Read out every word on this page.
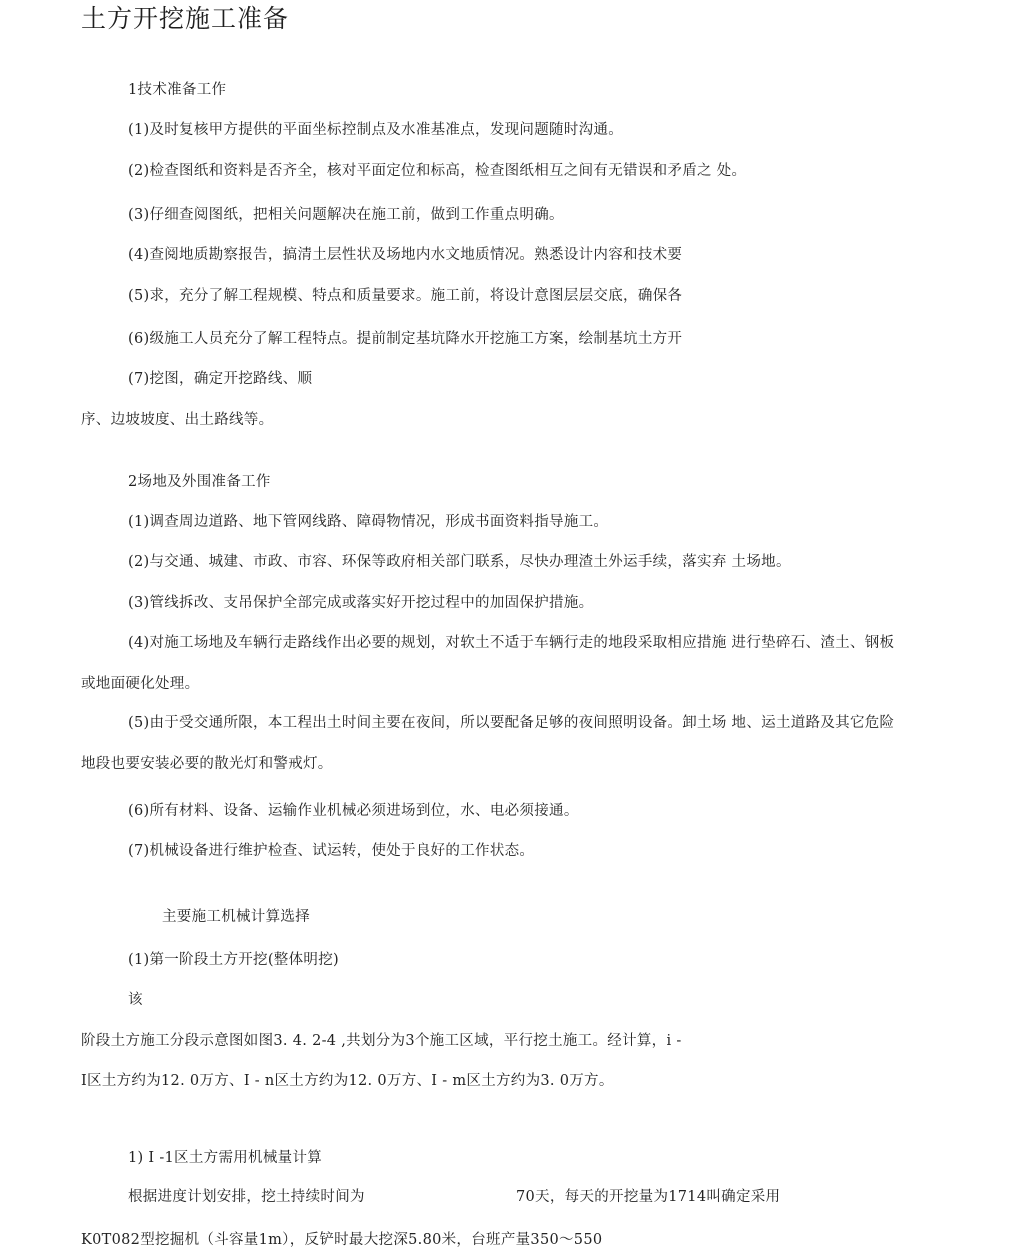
土方开挖施工准备
1技术准备工作
(1)及时复核甲方提供的平面坐标控制点及水准基准点，发现问题随时沟通。
(2)检查图纸和资料是否齐全，核对平面定位和标高，检查图纸相互之间有无错误和矛盾之 处。
(3)仔细查阅图纸，把相关问题解决在施工前，做到工作重点明确。
(4)查阅地质勘察报告，搞清土层性状及场地内水文地质情况。熟悉设计内容和技术要
(5)求，充分了解工程规模、特点和质量要求。施工前，将设计意图层层交底，确保各
(6)级施工人员充分了解工程特点。提前制定基坑降水开挖施工方案，绘制基坑土方开
(7)挖图，确定开挖路线、顺
序、边坡坡度、出土路线等。
2场地及外围准备工作
(1)调查周边道路、地下管网线路、障碍物情况，形成书面资料指导施工。
(2)与交通、城建、市政、市容、环保等政府相关部门联系，尽快办理渣土外运手续，落实弃 土场地。
(3)管线拆改、支吊保护全部完成或落实好开挖过程中的加固保护措施。
(4)对施工场地及车辆行走路线作出必要的规划，对软土不适于车辆行走的地段采取相应措施 进行垫碎石、渣土、钢板
或地面硬化处理。
(5)由于受交通所限，本工程出土时间主要在夜间，所以要配备足够的夜间照明设备。卸土场 地、运土道路及其它危险
地段也要安装必要的散光灯和警戒灯。
(6)所有材料、设备、运输作业机械必须进场到位，水、电必须接通。
(7)机械设备进行维护检查、试运转，使处于良好的工作状态。
主要施工机械计算选择
(1)第一阶段土方开挖(整体明挖)
该
阶段土方施工分段示意图如图3. 4. 2-4 ,共划分为3个施工区域，平行挖土施工。经计算，i -
I区土方约为12. 0万方、I - n区土方约为12. 0万方、I - m区土方约为3. 0万方。
1) I -1区土方需用机械量计算
根据进度计划安排，挖土持续时间为	70天，每天的开挖量为1714叫确定采用
K0T082型挖掘机（斗容量1m），反铲时最大挖深5.80米，台班产量350〜550
